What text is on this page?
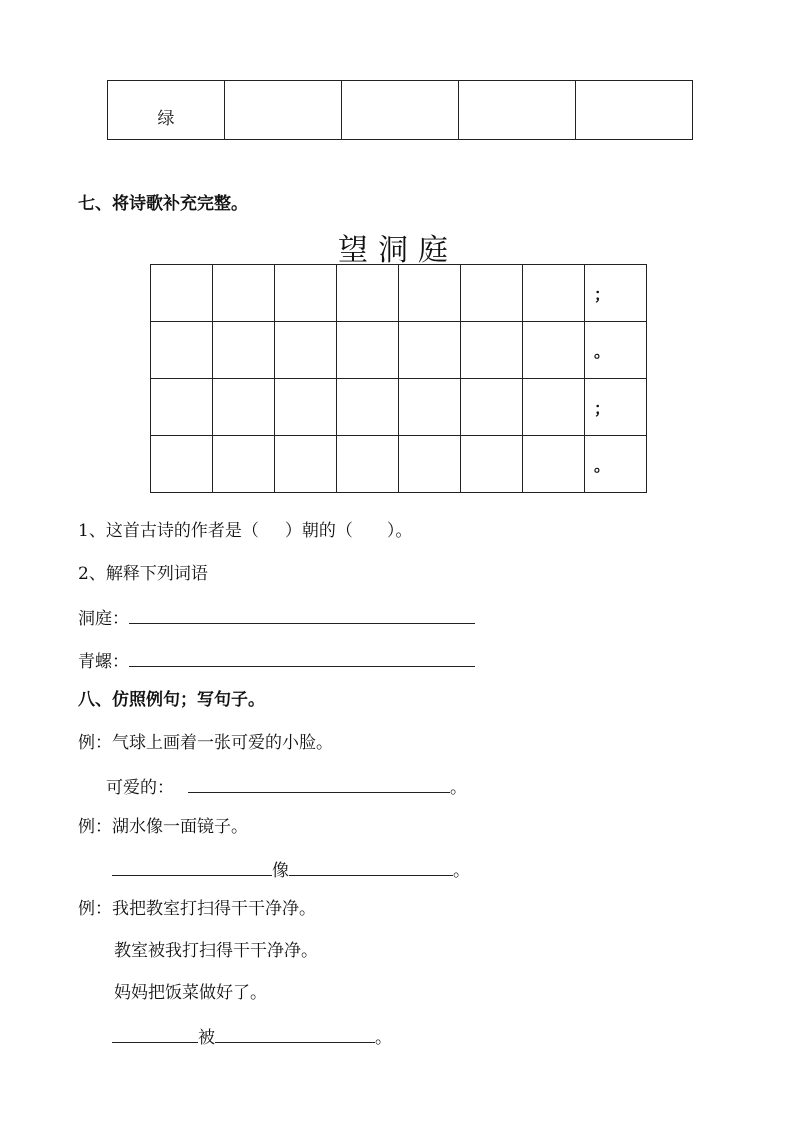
绿				
七、将诗歌补充完整。
望洞庭
							；
							。
							；
							。
1、这首古诗的作者是（ ）朝的（ ）。
2、解释下列词语
洞庭：
青螺：
八、仿照例句；写句子。
例：气球上画着一张可爱的小脸。
可爱的：	。
例：湖水像一面镜子。
像	。
例：我把教室打扫得干干净净。
教室被我打扫得干干净净。
妈妈把饭菜做好了。
被	。
